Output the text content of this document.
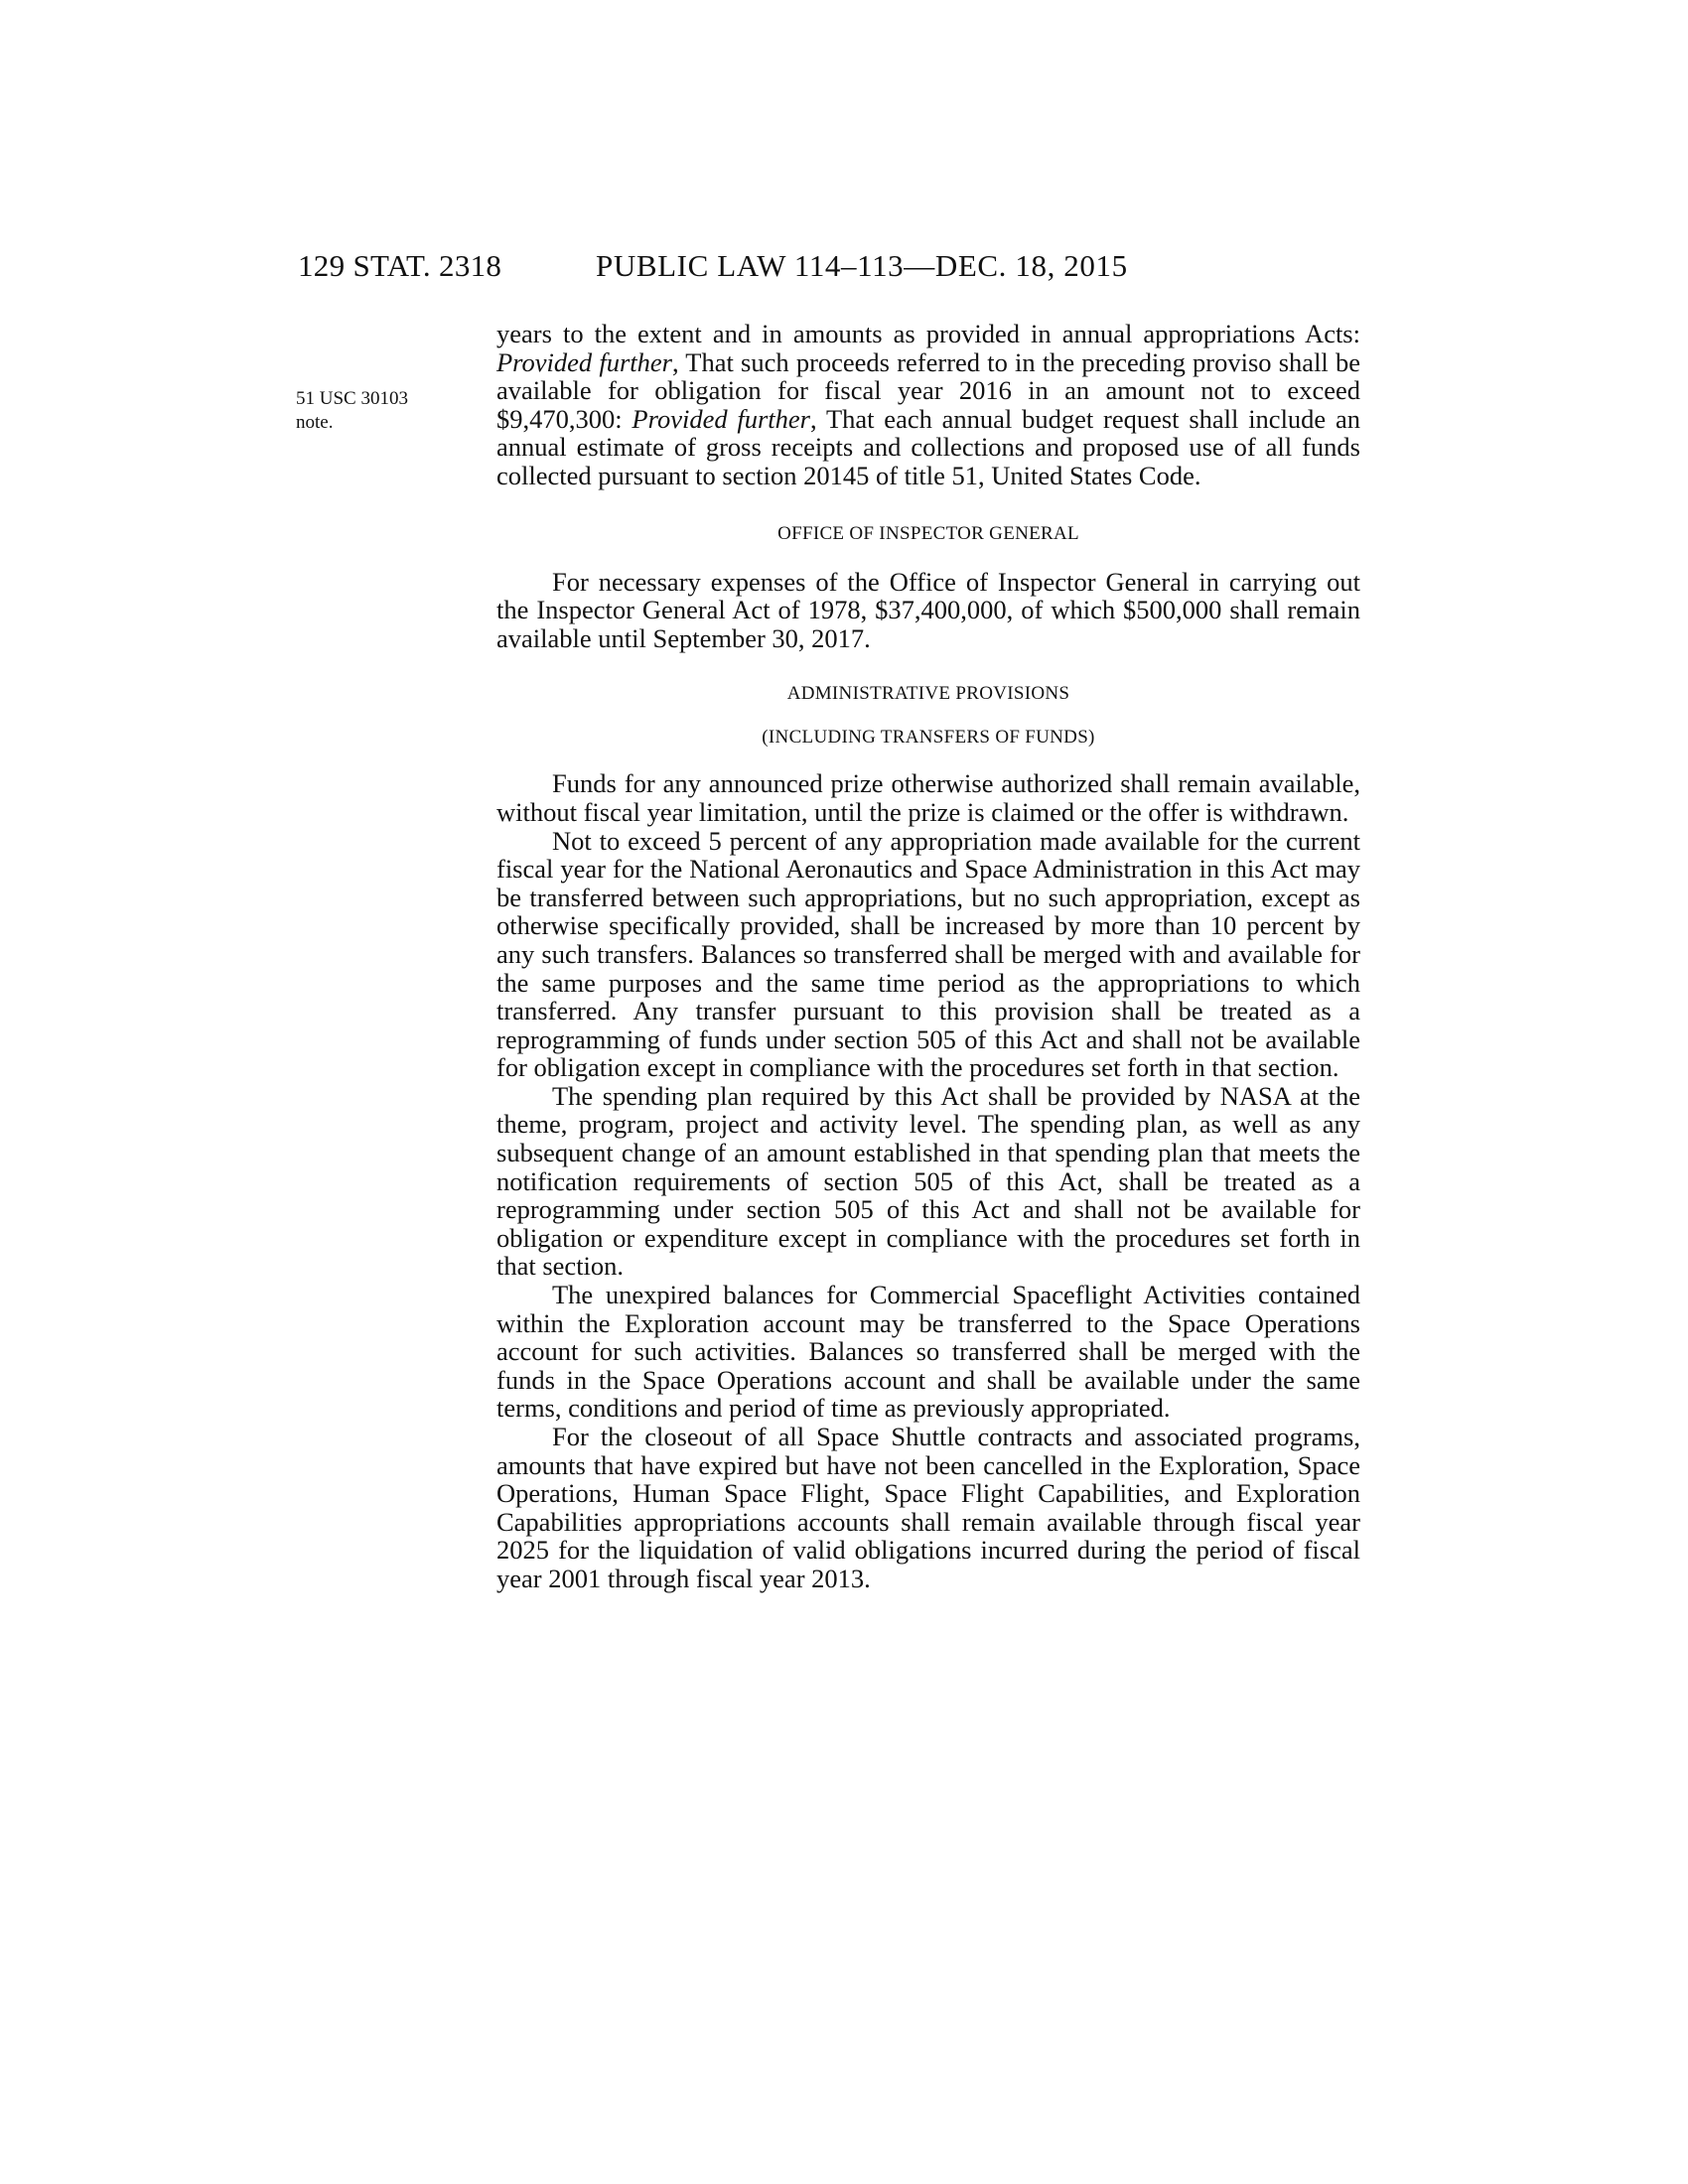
129 STAT. 2318	PUBLIC LAW 114–113—DEC. 18, 2015
51 USC 30103
note.

years to the extent and in amounts as provided in annual appropriations Acts: Provided further, That such proceeds referred to in the preceding proviso shall be available for obligation for fiscal year 2016 in an amount not to exceed $9,470,300: Provided further, That each annual budget request shall include an annual estimate of gross receipts and collections and proposed use of all funds collected pursuant to section 20145 of title 51, United States Code.

OFFICE OF INSPECTOR GENERAL

For necessary expenses of the Office of Inspector General in carrying out the Inspector General Act of 1978, $37,400,000, of which $500,000 shall remain available until September 30, 2017.

ADMINISTRATIVE PROVISIONS
(INCLUDING TRANSFERS OF FUNDS)

Funds for any announced prize otherwise authorized shall remain available, without fiscal year limitation, until the prize is claimed or the offer is withdrawn.

Not to exceed 5 percent of any appropriation made available for the current fiscal year for the National Aeronautics and Space Administration in this Act may be transferred between such appropriations, but no such appropriation, except as otherwise specifically provided, shall be increased by more than 10 percent by any such transfers. Balances so transferred shall be merged with and available for the same purposes and the same time period as the appropriations to which transferred. Any transfer pursuant to this provision shall be treated as a reprogramming of funds under section 505 of this Act and shall not be available for obligation except in compliance with the procedures set forth in that section.

The spending plan required by this Act shall be provided by NASA at the theme, program, project and activity level. The spending plan, as well as any subsequent change of an amount established in that spending plan that meets the notification requirements of section 505 of this Act, shall be treated as a reprogramming under section 505 of this Act and shall not be available for obligation or expenditure except in compliance with the procedures set forth in that section.

The unexpired balances for Commercial Spaceflight Activities contained within the Exploration account may be transferred to the Space Operations account for such activities. Balances so transferred shall be merged with the funds in the Space Operations account and shall be available under the same terms, conditions and period of time as previously appropriated.

For the closeout of all Space Shuttle contracts and associated programs, amounts that have expired but have not been cancelled in the Exploration, Space Operations, Human Space Flight, Space Flight Capabilities, and Exploration Capabilities appropriations accounts shall remain available through fiscal year 2025 for the liquidation of valid obligations incurred during the period of fiscal year 2001 through fiscal year 2013.
